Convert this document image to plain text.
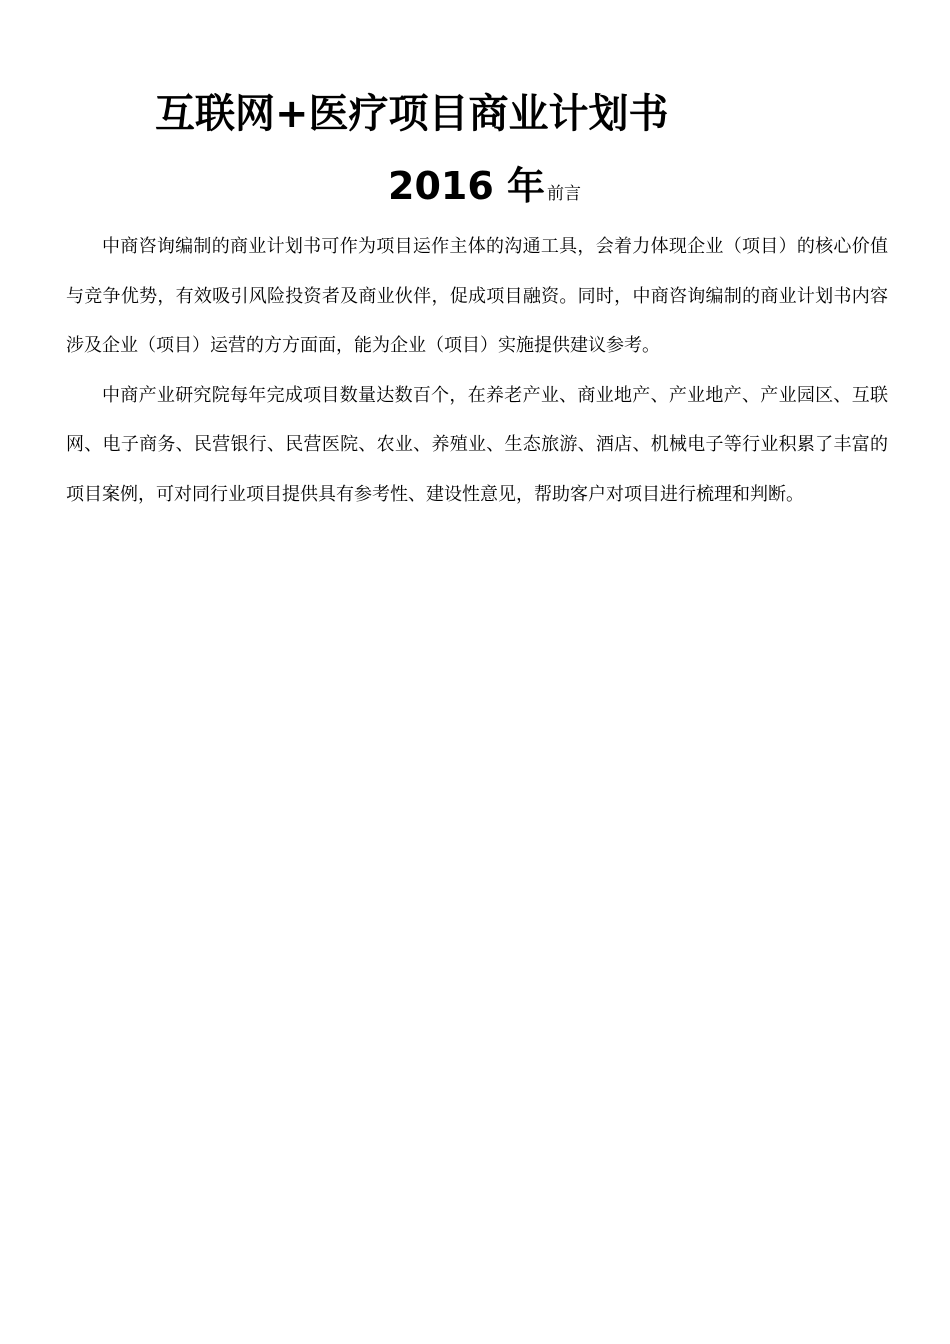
互联网+医疗项目商业计划书
2016 年 前言

中商咨询编制的商业计划书可作为项目运作主体的沟通工具，会着力体现企业（项目）的核心价值与竞争优势，有效吸引风险投资者及商业伙伴，促成项目融资。同时，中商咨询编制的商业计划书内容涉及企业（项目）运营的方方面面，能为企业（项目）实施提供建议参考。

中商产业研究院每年完成项目数量达数百个，在养老产业、商业地产、产业地产、产业园区、互联网、电子商务、民营银行、民营医院、农业、养殖业、生态旅游、酒店、机械电子等行业积累了丰富的项目案例，可对同行业项目提供具有参考性、建设性意见，帮助客户对项目进行梳理和判断。
